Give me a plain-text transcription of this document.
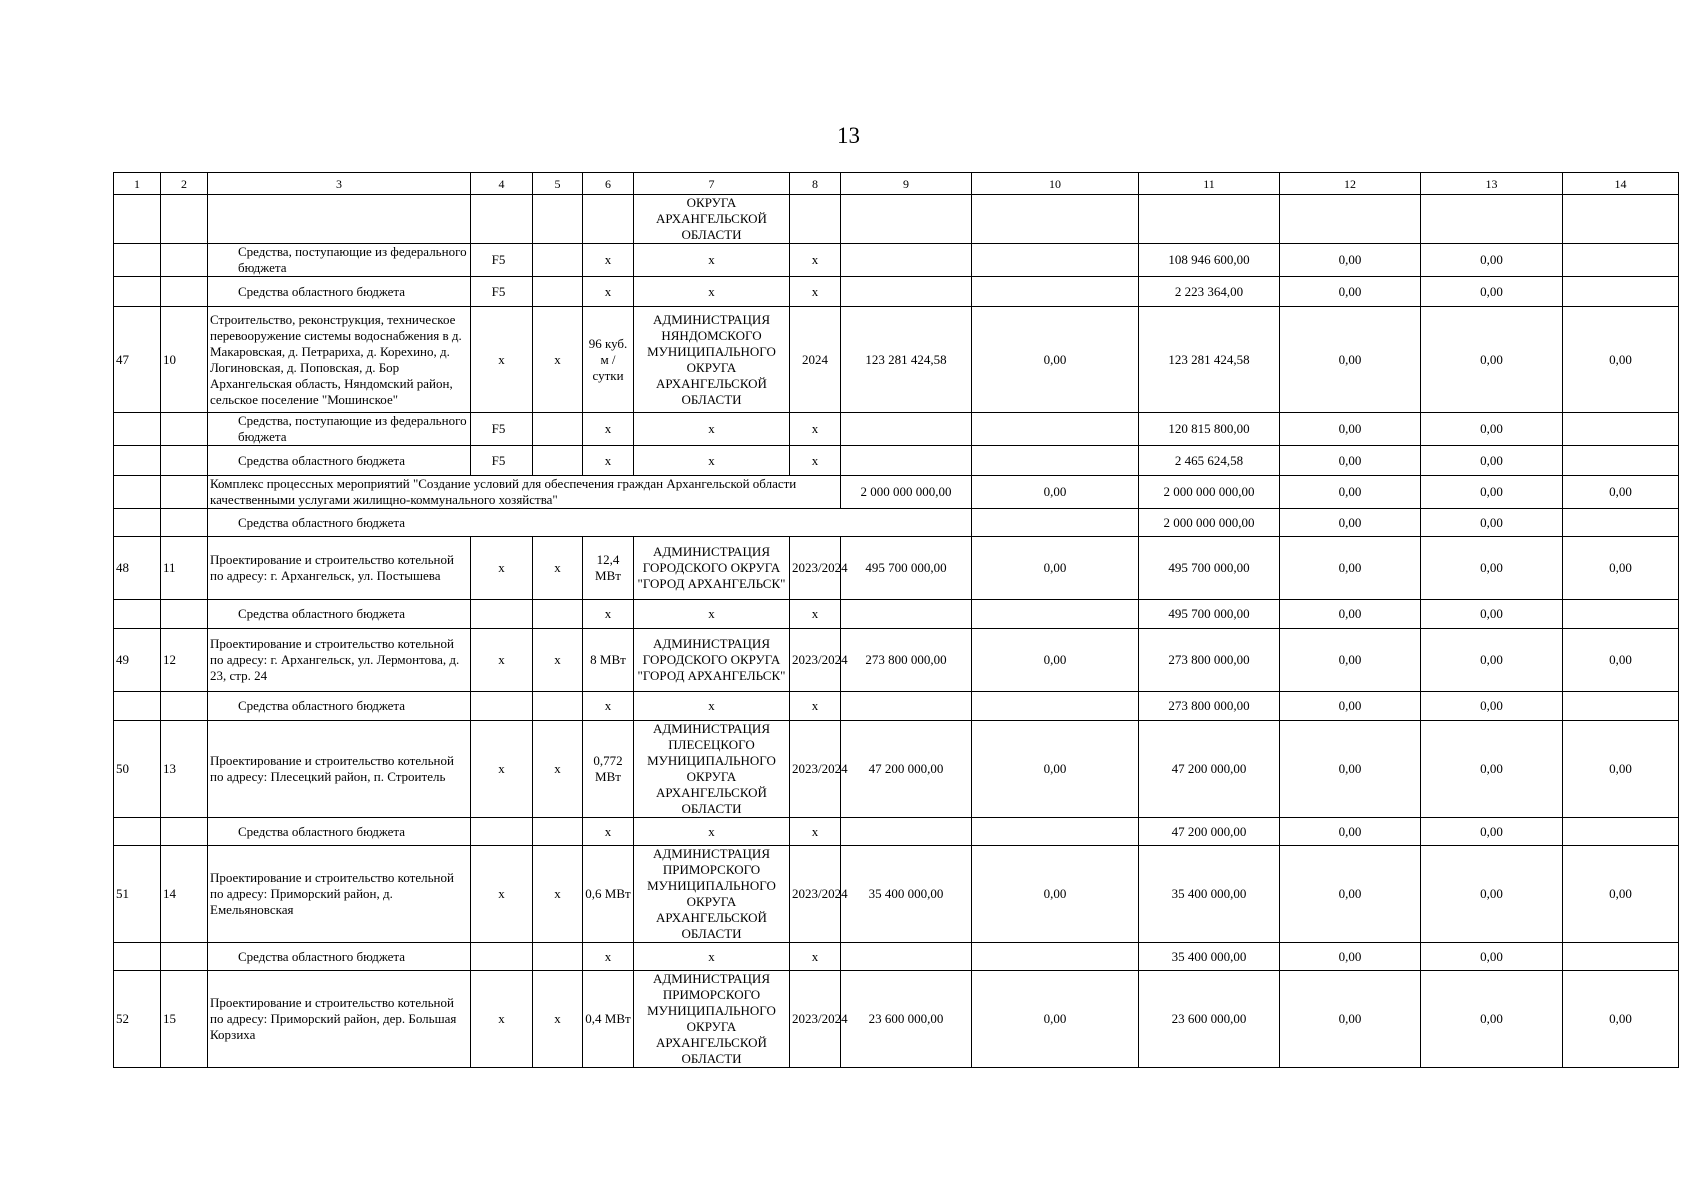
13
1	2	3	4	5	6	7	8	9	10	11	12	13	14
						ОКРУГА АРХАНГЕЛЬСКОЙ ОБЛАСТИ							
		Средства, поступающие из федерального бюджета	F5		х	х	х			108 946 600,00	0,00	0,00	
		Средства областного бюджета	F5		х	х	х			2 223 364,00	0,00	0,00	
47	10	Строительство, реконструкция, техническое перевооружение системы водоснабжения в д. Макаровская, д. Петрариха, д. Корехино, д. Логиновская, д. Поповская, д. Бор Архангельская область, Няндомский район, сельское поселение "Мошинское"	х	х	96 куб. м / сутки	АДМИНИСТРАЦИЯ НЯНДОМСКОГО МУНИЦИПАЛЬНОГО ОКРУГА АРХАНГЕЛЬСКОЙ ОБЛАСТИ	2024	123 281 424,58	0,00	123 281 424,58	0,00	0,00	0,00
		Средства, поступающие из федерального бюджета	F5		х	х	х			120 815 800,00	0,00	0,00	
		Средства областного бюджета	F5		х	х	х			2 465 624,58	0,00	0,00	
		Комплекс процессных мероприятий "Создание условий для обеспечения граждан Архангельской области качественными услугами жилищно-коммунального хозяйства"						2 000 000 000,00	0,00	2 000 000 000,00	0,00	0,00	0,00
		Средства областного бюджета								2 000 000 000,00	0,00	0,00	
48	11	Проектирование и строительство котельной по адресу: г. Архангельск, ул. Постышева	х	х	12,4 МВт	АДМИНИСТРАЦИЯ ГОРОДСКОГО ОКРУГА "ГОРОД АРХАНГЕЛЬСК"	2023/2024	495 700 000,00	0,00	495 700 000,00	0,00	0,00	0,00
		Средства областного бюджета			х	х	х			495 700 000,00	0,00	0,00	
49	12	Проектирование и строительство котельной по адресу: г. Архангельск, ул. Лермонтова, д. 23, стр. 24	х	х	8 МВт	АДМИНИСТРАЦИЯ ГОРОДСКОГО ОКРУГА "ГОРОД АРХАНГЕЛЬСК"	2023/2024	273 800 000,00	0,00	273 800 000,00	0,00	0,00	0,00
		Средства областного бюджета			х	х	х			273 800 000,00	0,00	0,00	
50	13	Проектирование и строительство котельной по адресу: Плесецкий район, п. Строитель	х	х	0,772 МВт	АДМИНИСТРАЦИЯ ПЛЕСЕЦКОГО МУНИЦИПАЛЬНОГО ОКРУГА АРХАНГЕЛЬСКОЙ ОБЛАСТИ	2023/2024	47 200 000,00	0,00	47 200 000,00	0,00	0,00	0,00
		Средства областного бюджета			х	х	х			47 200 000,00	0,00	0,00	
51	14	Проектирование и строительство котельной по адресу: Приморский район, д. Емельяновская	х	х	0,6 МВт	АДМИНИСТРАЦИЯ ПРИМОРСКОГО МУНИЦИПАЛЬНОГО ОКРУГА АРХАНГЕЛЬСКОЙ ОБЛАСТИ	2023/2024	35 400 000,00	0,00	35 400 000,00	0,00	0,00	0,00
		Средства областного бюджета			х	х	х			35 400 000,00	0,00	0,00	
52	15	Проектирование и строительство котельной по адресу: Приморский район, дер. Большая Корзиха	х	х	0,4 МВт	АДМИНИСТРАЦИЯ ПРИМОРСКОГО МУНИЦИПАЛЬНОГО ОКРУГА АРХАНГЕЛЬСКОЙ ОБЛАСТИ	2023/2024	23 600 000,00	0,00	23 600 000,00	0,00	0,00	0,00
